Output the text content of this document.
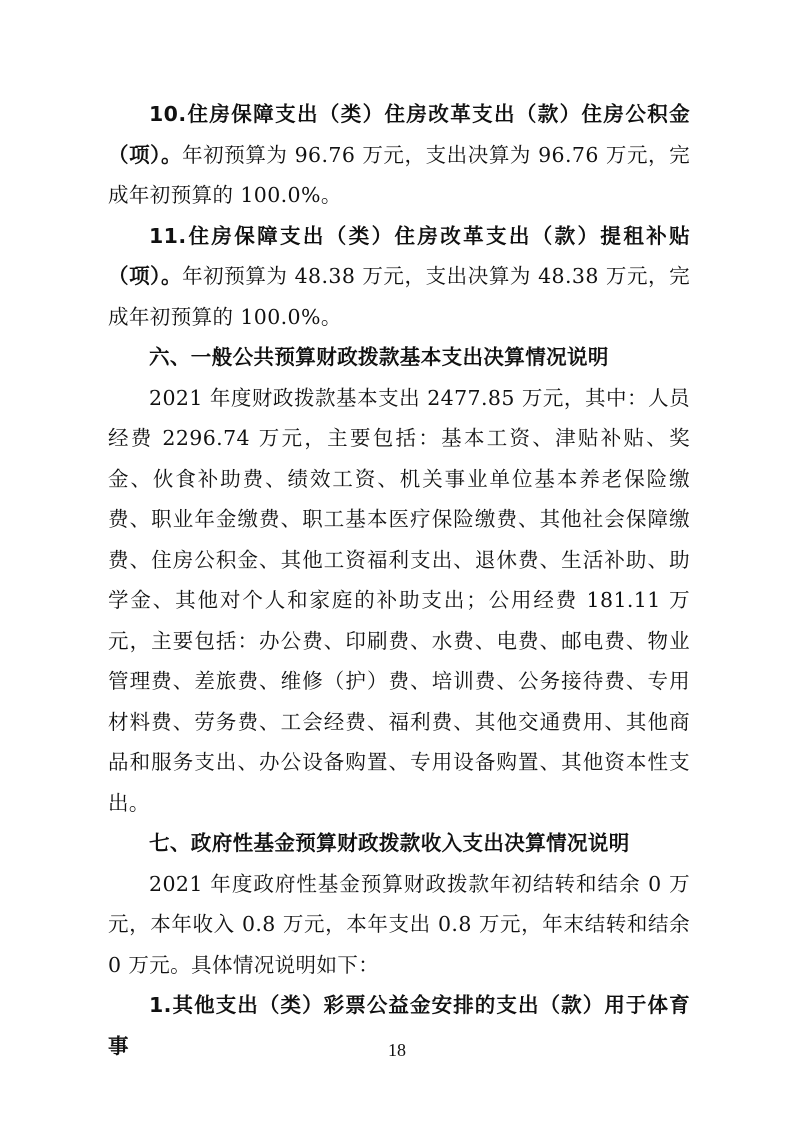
10.住房保障支出（类）住房改革支出（款）住房公积金（项）。年初预算为 96.76 万元，支出决算为 96.76 万元，完成年初预算的 100.0%。

11.住房保障支出（类）住房改革支出（款）提租补贴（项）。年初预算为 48.38 万元，支出决算为 48.38 万元，完成年初预算的 100.0%。

六、一般公共预算财政拨款基本支出决算情况说明

2021 年度财政拨款基本支出 2477.85 万元，其中：人员经费 2296.74 万元，主要包括：基本工资、津贴补贴、奖金、伙食补助费、绩效工资、机关事业单位基本养老保险缴费、职业年金缴费、职工基本医疗保险缴费、其他社会保障缴费、住房公积金、其他工资福利支出、退休费、生活补助、助学金、其他对个人和家庭的补助支出；公用经费 181.11 万元，主要包括：办公费、印刷费、水费、电费、邮电费、物业管理费、差旅费、维修（护）费、培训费、公务接待费、专用材料费、劳务费、工会经费、福利费、其他交通费用、其他商品和服务支出、办公设备购置、专用设备购置、其他资本性支出。

七、政府性基金预算财政拨款收入支出决算情况说明

2021 年度政府性基金预算财政拨款年初结转和结余 0 万元，本年收入 0.8 万元，本年支出 0.8 万元，年末结转和结余 0 万元。具体情况说明如下：

1.其他支出（类）彩票公益金安排的支出（款）用于体育事	18
